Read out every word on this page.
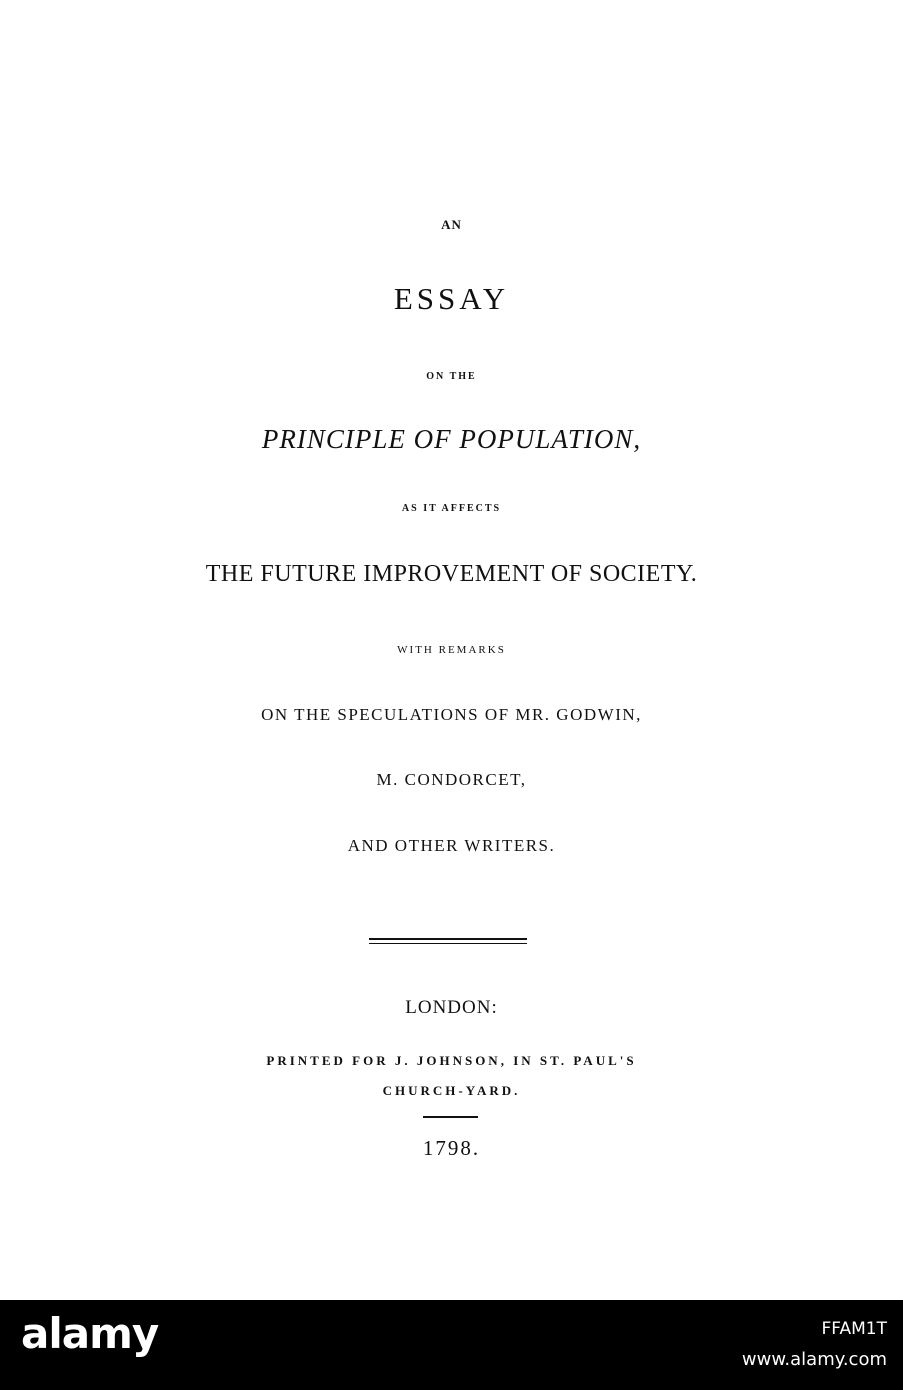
AN
ESSAY
ON THE
PRINCIPLE OF POPULATION,
AS IT AFFECTS
THE FUTURE IMPROVEMENT OF SOCIETY.
WITH REMARKS
ON THE SPECULATIONS OF MR. GODWIN,
M. CONDORCET,
AND OTHER WRITERS.
LONDON:
PRINTED FOR J. JOHNSON, IN ST. PAUL'S
CHURCH-YARD.
1798.
alamy	FFAM1T
www.alamy.com
